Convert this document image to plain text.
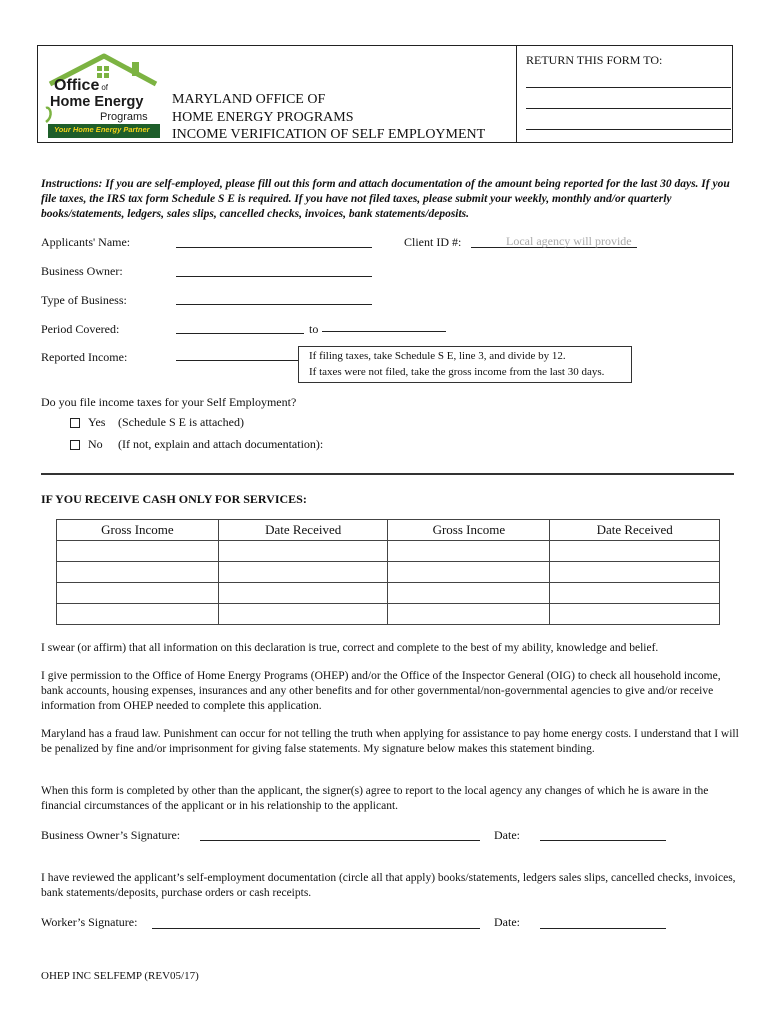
Office of
Home Energy
Programs
Your Home Energy Partner
MARYLAND OFFICE OF
HOME ENERGY PROGRAMS
INCOME VERIFICATION OF SELF EMPLOYMENT
RETURN THIS FORM TO:
Instructions: If you are self-employed, please fill out this form and attach documentation of the amount being reported for the last 30 days. If you file taxes, the IRS tax form Schedule S E is required. If you have not filed taxes, please submit your weekly, monthly and/or quarterly books/statements, ledgers, sales slips, cancelled checks, invoices, bank statements/deposits.
Applicants' Name:	Client ID #:	Local agency will provide
Business Owner:
Type of Business:
Period Covered:	to
Reported Income:	If filing taxes, take Schedule S E, line 3, and divide by 12.
If taxes were not filed, take the gross income from the last 30 days.
Do you file income taxes for your Self Employment?
Yes (Schedule S E is attached)
No (If not, explain and attach documentation):
IF YOU RECEIVE CASH ONLY FOR SERVICES:
Gross Income	Date Received	Gross Income	Date Received

I swear (or affirm) that all information on this declaration is true, correct and complete to the best of my ability, knowledge and belief.
I give permission to the Office of Home Energy Programs (OHEP) and/or the Office of the Inspector General (OIG) to check all household income, bank accounts, housing expenses, insurances and any other benefits and for other governmental/non-governmental agencies to give and/or receive information from OHEP needed to complete this application.
Maryland has a fraud law. Punishment can occur for not telling the truth when applying for assistance to pay home energy costs. I understand that I will be penalized by fine and/or imprisonment for giving false statements. My signature below makes this statement binding.
When this form is completed by other than the applicant, the signer(s) agree to report to the local agency any changes of which he is aware in the financial circumstances of the applicant or in his relationship to the applicant.
Business Owner’s Signature:	Date:
I have reviewed the applicant’s self-employment documentation (circle all that apply) books/statements, ledgers sales slips, cancelled checks, invoices, bank statements/deposits, purchase orders or cash receipts.
Worker’s Signature:	Date:
OHEP INC SELFEMP (REV05/17)
